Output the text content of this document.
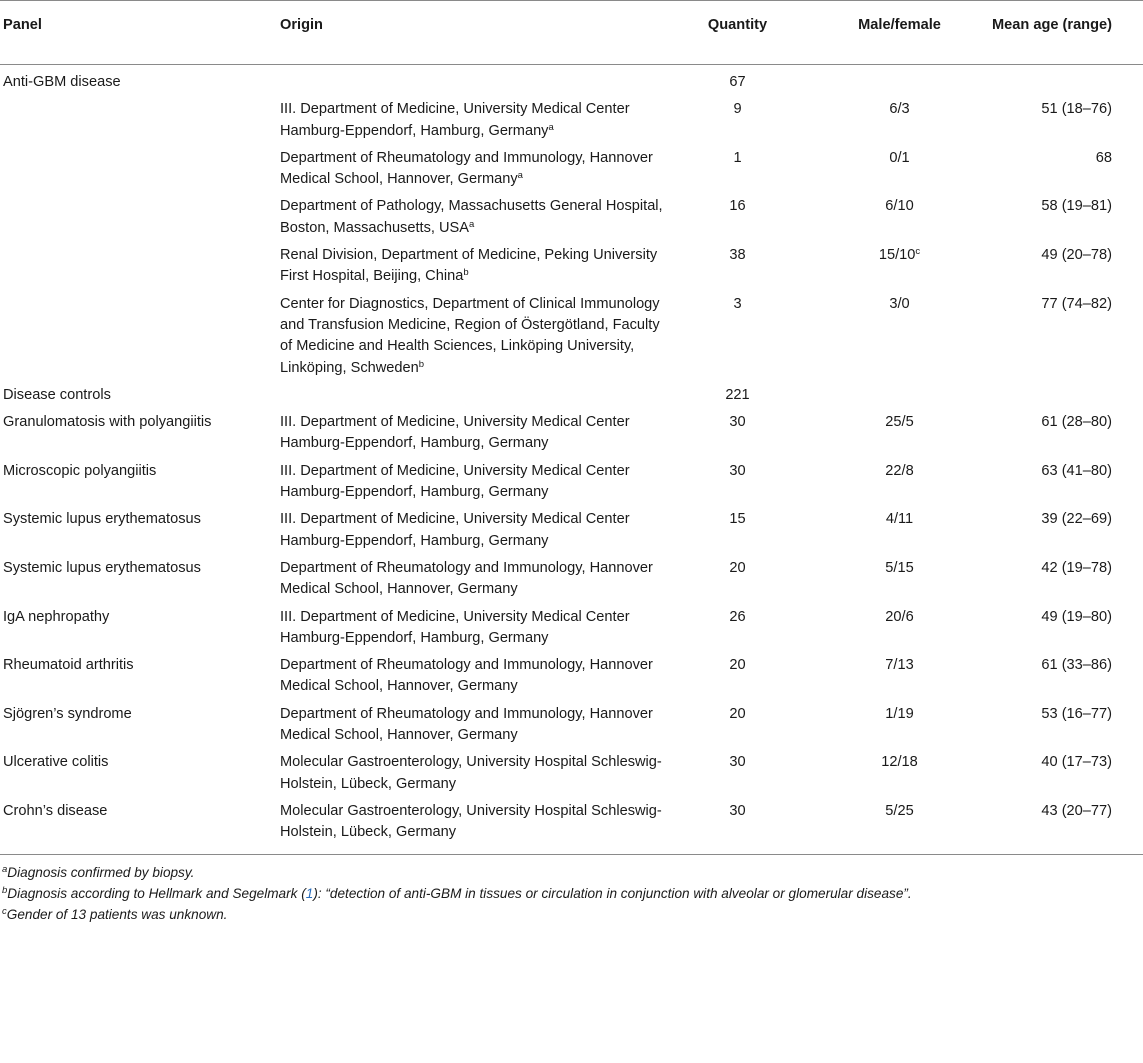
Panel	Origin	Quantity	Male/female	Mean age (range)
Anti-GBM disease		67		
	III. Department of Medicine, University Medical Center Hamburg-Eppendorf, Hamburg, Germany$^a$	9	6/3	51 (18–76)
	Department of Rheumatology and Immunology, Hannover Medical School, Hannover, Germany$^a$	1	0/1	68
	Department of Pathology, Massachusetts General Hospital, Boston, Massachusetts, USA$^a$	16	6/10	58 (19–81)
	Renal Division, Department of Medicine, Peking University First Hospital, Beijing, China$^b$	38	15/10$^c$	49 (20–78)
	Center for Diagnostics, Department of Clinical Immunology and Transfusion Medicine, Region of Östergötland, Faculty of Medicine and Health Sciences, Linköping University, Linköping, Schweden$^b$	3	3/0	77 (74–82)
Disease controls		221		
Granulomatosis with polyangiitis	III. Department of Medicine, University Medical Center Hamburg-Eppendorf, Hamburg, Germany	30	25/5	61 (28–80)
Microscopic polyangiitis	III. Department of Medicine, University Medical Center Hamburg-Eppendorf, Hamburg, Germany	30	22/8	63 (41–80)
Systemic lupus erythematosus	III. Department of Medicine, University Medical Center Hamburg-Eppendorf, Hamburg, Germany	15	4/11	39 (22–69)
Systemic lupus erythematosus	Department of Rheumatology and Immunology, Hannover Medical School, Hannover, Germany	20	5/15	42 (19–78)
IgA nephropathy	III. Department of Medicine, University Medical Center Hamburg-Eppendorf, Hamburg, Germany	26	20/6	49 (19–80)
Rheumatoid arthritis	Department of Rheumatology and Immunology, Hannover Medical School, Hannover, Germany	20	7/13	61 (33–86)
Sjögren’s syndrome	Department of Rheumatology and Immunology, Hannover Medical School, Hannover, Germany	20	1/19	53 (16–77)
Ulcerative colitis	Molecular Gastroenterology, University Hospital Schleswig-Holstein, Lübeck, Germany	30	12/18	40 (17–73)
Crohn’s disease	Molecular Gastroenterology, University Hospital Schleswig-Holstein, Lübeck, Germany	30	5/25	43 (20–77)
$^a$Diagnosis confirmed by biopsy.
$^b$Diagnosis according to Hellmark and Segelmark (1): “detection of anti-GBM in tissues or circulation in conjunction with alveolar or glomerular disease”.
$^c$Gender of 13 patients was unknown.
